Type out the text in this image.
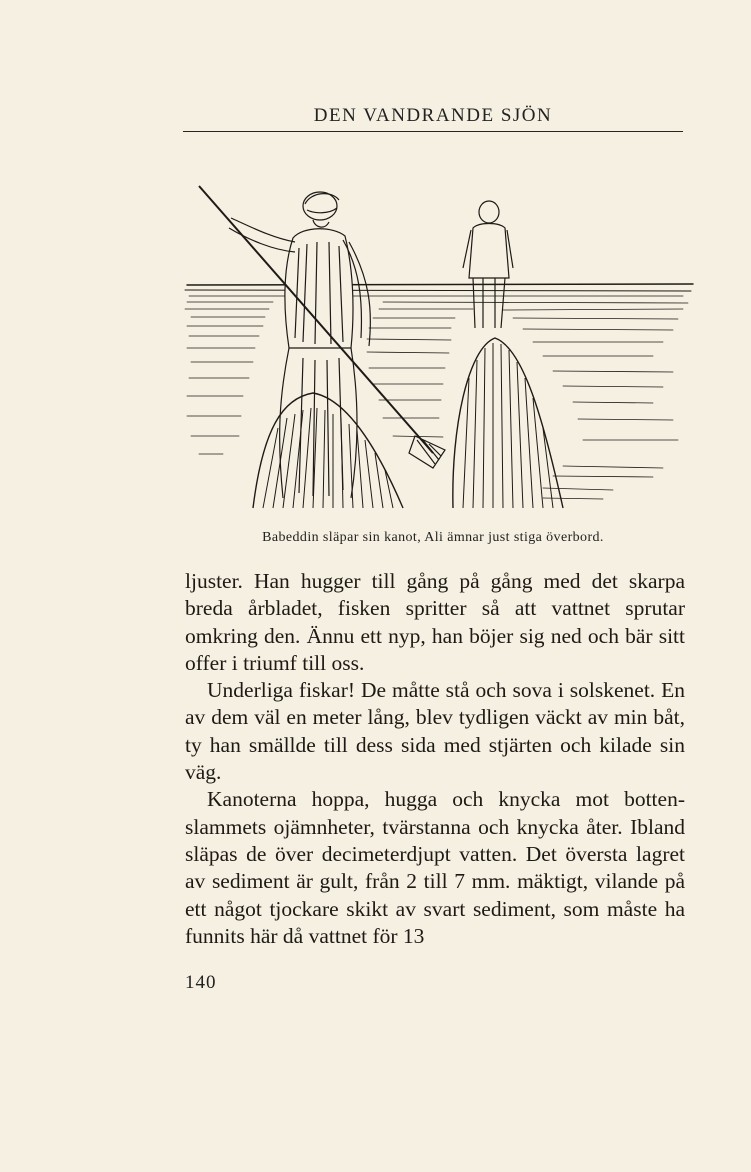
DEN VANDRANDE SJÖN
Babeddin släpar sin kanot, Ali ämnar just stiga överbord.

ljuster. Han hugger till gång på gång med det skarpa breda årbladet, fisken spritter så att vattnet sprutar omkring den. Ännu ett nyp, han böjer sig ned och bär sitt offer i triumf till oss.

Underliga fiskar! De måtte stå och sova i solskenet. En av dem väl en meter lång, blev tydligen väckt av min båt, ty han smällde till dess sida med stjärten och kilade sin väg.

Kanoterna hoppa, hugga och knycka mot botten-slammets ojämnheter, tvärstanna och knycka åter. Ibland släpas de över decimeterdjupt vatten. Det översta lagret av sediment är gult, från 2 till 7 mm. mäktigt, vilande på ett något tjockare skikt av svart sediment, som måste ha funnits här då vattnet för 13

140
